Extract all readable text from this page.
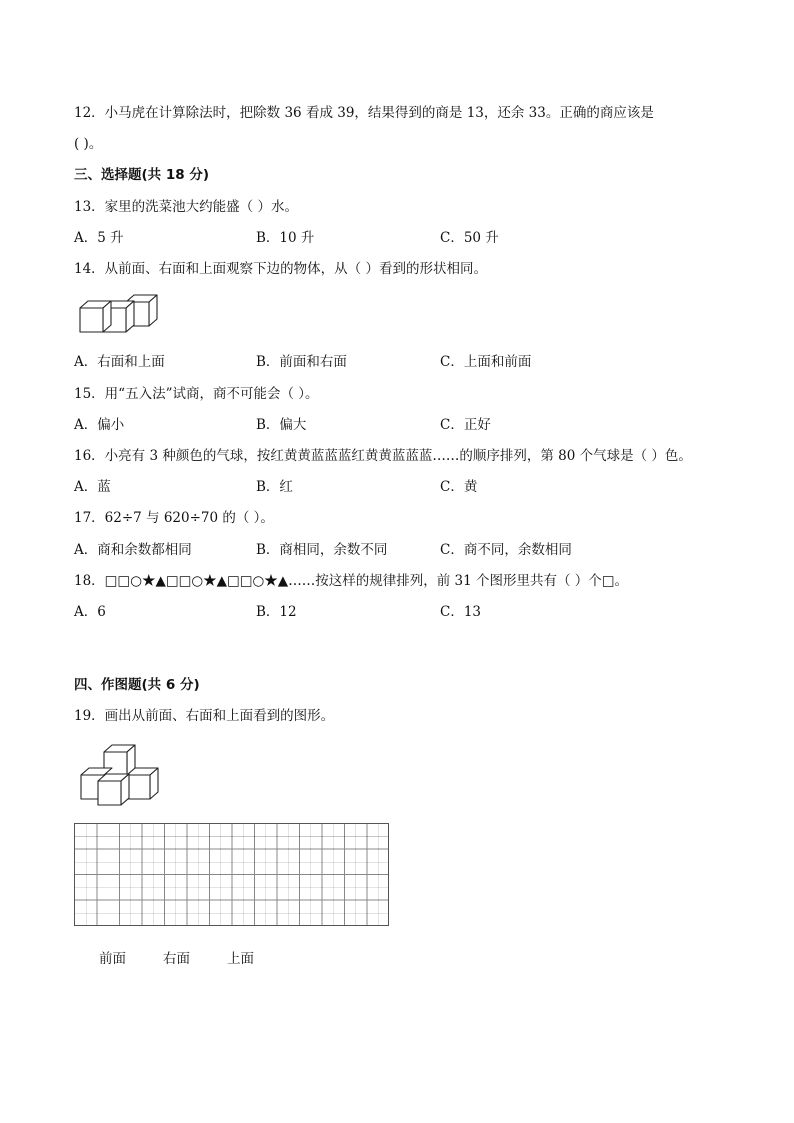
12．小马虎在计算除法时，把除数 36 看成 39，结果得到的商是 13，还余 33。正确的商应该是
( )。
三、选择题(共 18 分)
13．家里的洗菜池大约能盛（ ）水。
A．5 升	B．10 升	C．50 升
14．从前面、右面和上面观察下边的物体，从（ ）看到的形状相同。
A．右面和上面	B．前面和右面	C．上面和前面
15．用“五入法”试商，商不可能会（ ）。
A．偏小	B．偏大	C．正好
16．小亮有 3 种颜色的气球，按红黄黄蓝蓝蓝红黄黄蓝蓝蓝……的顺序排列，第 80 个气球是（ ）色。
A．蓝	B．红	C．黄
17．62÷7 与 620÷70 的（ ）。
A．商和余数都相同	B．商相同，余数不同	C．商不同，余数相同
18．□□○★▲□□○★▲□□○★▲……按这样的规律排列，前 31 个图形里共有（ ）个□。
A．6	B．12	C．13
四、作图题(共 6 分)
19．画出从前面、右面和上面看到的图形。
前面	右面	上面
